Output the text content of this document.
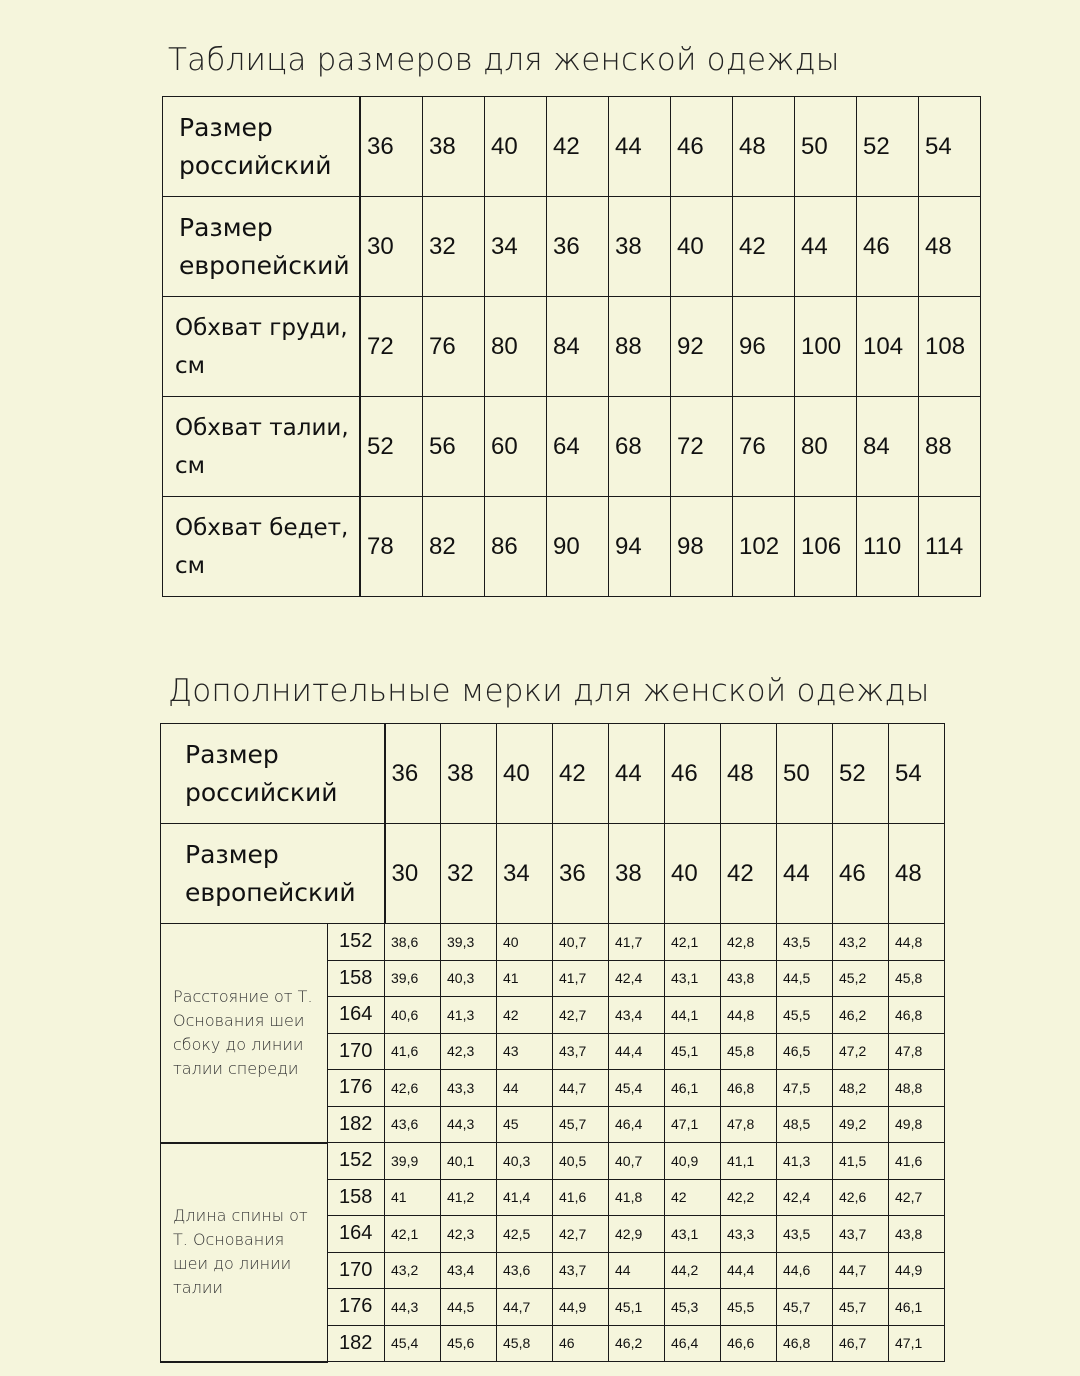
Таблица размеров для женской одежды
Размер российский	36	38	40	42	44	46	48	50	52	54
Размер европейский	30	32	34	36	38	40	42	44	46	48
Обхват груди, см	72	76	80	84	88	92	96	100	104	108
Обхват талии, см	52	56	60	64	68	72	76	80	84	88
Обхват бедет, см	78	82	86	90	94	98	102	106	110	114
Дополнительные мерки для женской одежды
Размер российский		36	38	40	42	44	46	48	50	52	54
Размер европейский		30	32	34	36	38	40	42	44	46	48
Расстояние от Т. Основания шеи сбоку до линии талии спереди	152	38,6	39,3	40	40,7	41,7	42,1	42,8	43,5	43,2	44,8
	158	39,6	40,3	41	41,7	42,4	43,1	43,8	44,5	45,2	45,8
	164	40,6	41,3	42	42,7	43,4	44,1	44,8	45,5	46,2	46,8
	170	41,6	42,3	43	43,7	44,4	45,1	45,8	46,5	47,2	47,8
	176	42,6	43,3	44	44,7	45,4	46,1	46,8	47,5	48,2	48,8
	182	43,6	44,3	45	45,7	46,4	47,1	47,8	48,5	49,2	49,8
Длина спины от Т. Основания шеи до линии талии	152	39,9	40,1	40,3	40,5	40,7	40,9	41,1	41,3	41,5	41,6
	158	41	41,2	41,4	41,6	41,8	42	42,2	42,4	42,6	42,7
	164	42,1	42,3	42,5	42,7	42,9	43,1	43,3	43,5	43,7	43,8
	170	43,2	43,4	43,6	43,7	44	44,2	44,4	44,6	44,7	44,9
	176	44,3	44,5	44,7	44,9	45,1	45,3	45,5	45,7	45,7	46,1
	182	45,4	45,6	45,8	46	46,2	46,4	46,6	46,8	46,7	47,1
